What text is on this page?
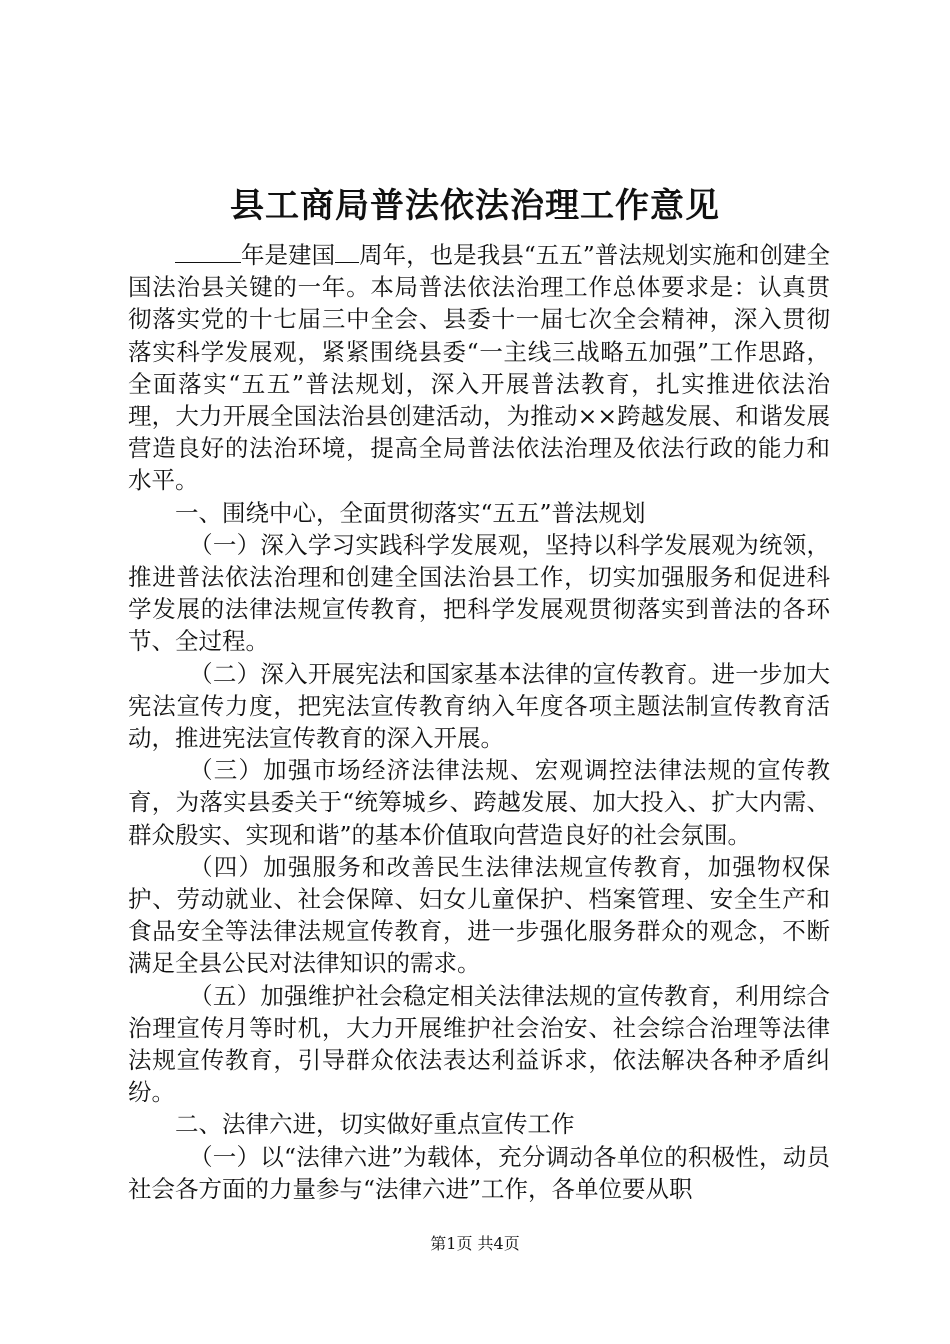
县工商局普法依法治理工作意见

年是建国 周年，也是我县“五五”普法规划实施和创建全国法治县关键的一年。本局普法依法治理工作总体要求是：认真贯彻落实党的十七届三中全会、县委十一届七次全会精神，深入贯彻落实科学发展观，紧紧围绕县委“一主线三战略五加强”工作思路，全面落实“五五”普法规划，深入开展普法教育，扎实推进依法治理，大力开展全国法治县创建活动，为推动××跨越发展、和谐发展营造良好的法治环境，提高全局普法依法治理及依法行政的能力和水平。

一、围绕中心，全面贯彻落实“五五”普法规划

（一）深入学习实践科学发展观，坚持以科学发展观为统领，推进普法依法治理和创建全国法治县工作，切实加强服务和促进科学发展的法律法规宣传教育，把科学发展观贯彻落实到普法的各环节、全过程。

（二）深入开展宪法和国家基本法律的宣传教育。进一步加大宪法宣传力度，把宪法宣传教育纳入年度各项主题法制宣传教育活动，推进宪法宣传教育的深入开展。

（三）加强市场经济法律法规、宏观调控法律法规的宣传教育，为落实县委关于“统筹城乡、跨越发展、加大投入、扩大内需、群众殷实、实现和谐”的基本价值取向营造良好的社会氛围。

（四）加强服务和改善民生法律法规宣传教育，加强物权保护、劳动就业、社会保障、妇女儿童保护、档案管理、安全生产和食品安全等法律法规宣传教育，进一步强化服务群众的观念，不断满足全县公民对法律知识的需求。

（五）加强维护社会稳定相关法律法规的宣传教育，利用综合治理宣传月等时机，大力开展维护社会治安、社会综合治理等法律法规宣传教育，引导群众依法表达利益诉求，依法解决各种矛盾纠纷。

二、法律六进，切实做好重点宣传工作

（一）以“法律六进”为载体，充分调动各单位的积极性，动员社会各方面的力量参与“法律六进”工作，各单位要从职

第1页 共4页
